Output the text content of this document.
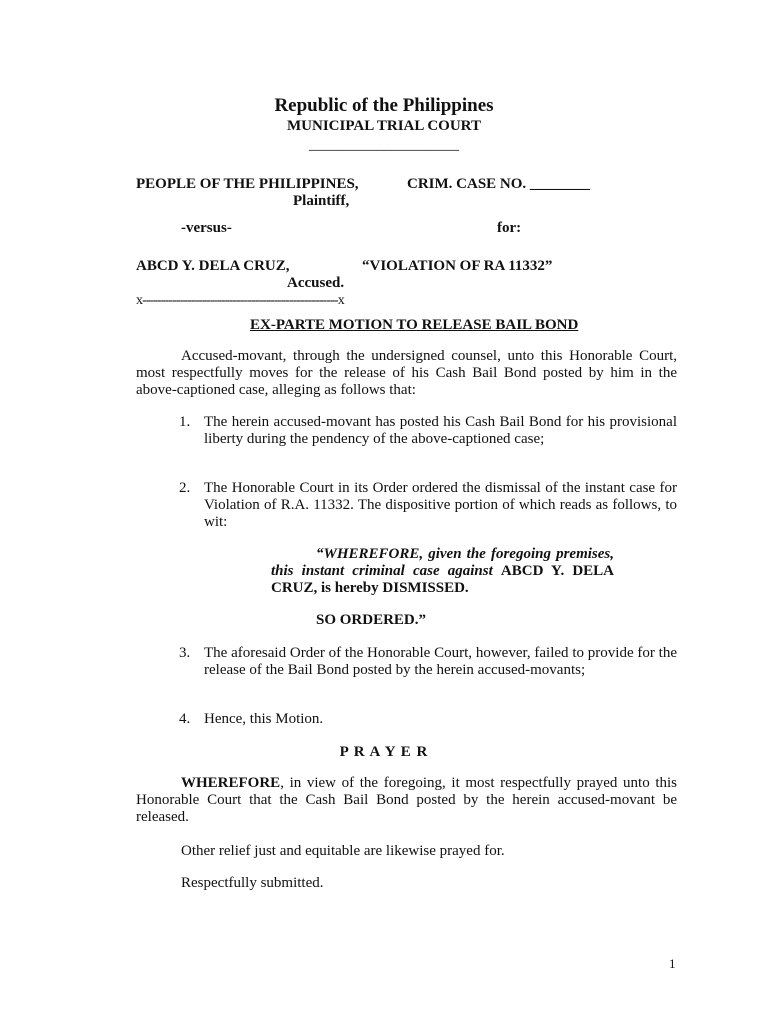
Republic of the Philippines
MUNICIPAL TRIAL COURT
____________________
PEOPLE OF THE PHILIPPINES,	CRIM. CASE NO. ________
Plaintiff,
-versus-	for:
ABCD Y. DELA CRUZ,	“VIOLATION OF RA 11332”
Accused.
x----------------------------------------------------x
EX-PARTE MOTION TO RELEASE BAIL BOND
Accused-movant, through the undersigned counsel, unto this Honorable Court, most respectfully moves for the release of his Cash Bail Bond posted by him in the above-captioned case, alleging as follows that:
1. The herein accused-movant has posted his Cash Bail Bond for his provisional liberty during the pendency of the above-captioned case;
2. The Honorable Court in its Order ordered the dismissal of the instant case for Violation of R.A. 11332. The dispositive portion of which reads as follows, to wit:
“WHEREFORE, given the foregoing premises, this instant criminal case against ABCD Y. DELA CRUZ, is hereby DISMISSED.
SO ORDERED.”
3. The aforesaid Order of the Honorable Court, however, failed to provide for the release of the Bail Bond posted by the herein accused-movants;
4. Hence, this Motion.
P R A Y E R
WHEREFORE, in view of the foregoing, it most respectfully prayed unto this Honorable Court that the Cash Bail Bond posted by the herein accused-movant be released.
Other relief just and equitable are likewise prayed for.
Respectfully submitted.
1
